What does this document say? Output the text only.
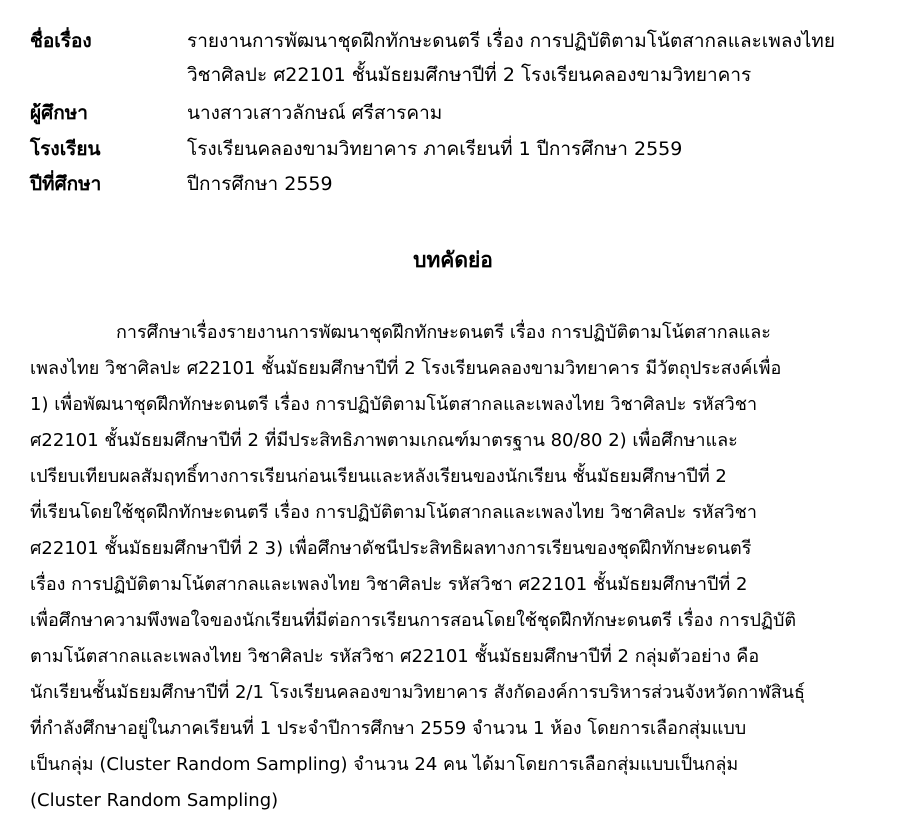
ชื่อเรื่อง	รายงานการพัฒนาชุดฝึกทักษะดนตรี เรื่อง การปฏิบัติตามโน้ตสากลและเพลงไทย
วิชาศิลปะ ศ22101 ชั้นมัธยมศึกษาปีที่ 2 โรงเรียนคลองขามวิทยาคาร
ผู้ศึกษา	นางสาวเสาวลักษณ์ ศรีสารคาม
โรงเรียน	โรงเรียนคลองขามวิทยาคาร ภาคเรียนที่ 1 ปีการศึกษา 2559
ปีที่ศึกษา	ปีการศึกษา 2559
บทคัดย่อ
การศึกษาเรื่องรายงานการพัฒนาชุดฝึกทักษะดนตรี เรื่อง การปฏิบัติตามโน้ตสากลและ
เพลงไทย วิชาศิลปะ ศ22101 ชั้นมัธยมศึกษาปีที่ 2 โรงเรียนคลองขามวิทยาคาร มีวัตถุประสงค์เพื่อ
1) เพื่อพัฒนาชุดฝึกทักษะดนตรี เรื่อง การปฏิบัติตามโน้ตสากลและเพลงไทย วิชาศิลปะ รหัสวิชา
ศ22101 ชั้นมัธยมศึกษาปีที่ 2 ที่มีประสิทธิภาพตามเกณฑ์มาตรฐาน 80/80 2) เพื่อศึกษาและ
เปรียบเทียบผลสัมฤทธิ์ทางการเรียนก่อนเรียนและหลังเรียนของนักเรียน ชั้นมัธยมศึกษาปีที่ 2
ที่เรียนโดยใช้ชุดฝึกทักษะดนตรี เรื่อง การปฏิบัติตามโน้ตสากลและเพลงไทย วิชาศิลปะ รหัสวิชา
ศ22101 ชั้นมัธยมศึกษาปีที่ 2 3) เพื่อศึกษาดัชนีประสิทธิผลทางการเรียนของชุดฝึกทักษะดนตรี
เรื่อง การปฏิบัติตามโน้ตสากลและเพลงไทย วิชาศิลปะ รหัสวิชา ศ22101 ชั้นมัธยมศึกษาปีที่ 2
เพื่อศึกษาความพึงพอใจของนักเรียนที่มีต่อการเรียนการสอนโดยใช้ชุดฝึกทักษะดนตรี เรื่อง การปฏิบัติ
ตามโน้ตสากลและเพลงไทย วิชาศิลปะ รหัสวิชา ศ22101 ชั้นมัธยมศึกษาปีที่ 2 กลุ่มตัวอย่าง คือ
นักเรียนชั้นมัธยมศึกษาปีที่ 2/1 โรงเรียนคลองขามวิทยาคาร สังกัดองค์การบริหารส่วนจังหวัดกาฬสินธุ์
ที่กำลังศึกษาอยู่ในภาคเรียนที่ 1 ประจำปีการศึกษา 2559 จำนวน 1 ห้อง โดยการเลือกสุ่มแบบ
เป็นกลุ่ม (Cluster Random Sampling) จำนวน 24 คน ได้มาโดยการเลือกสุ่มแบบเป็นกลุ่ม
(Cluster Random Sampling)
